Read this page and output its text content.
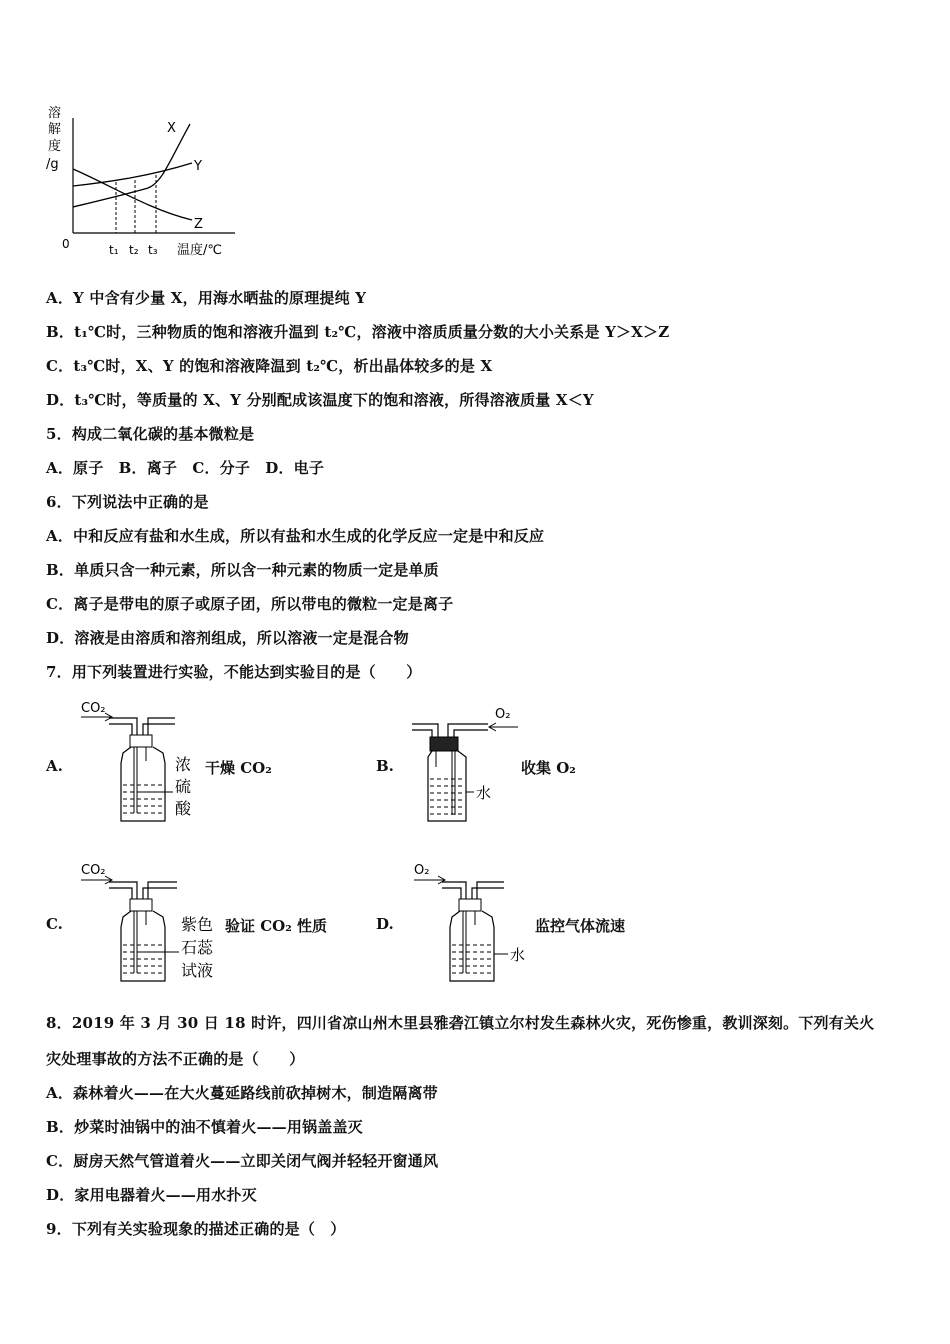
溶
解
度
/g
0
X
Y
Z
t₁ t₂ t₃ 温度/℃
A．Y 中含有少量 X，用海水晒盐的原理提纯 Y
B．t₁℃时，三种物质的饱和溶液升温到 t₂℃，溶液中溶质质量分数的大小关系是 Y＞X＞Z
C．t₃℃时，X、Y 的饱和溶液降温到 t₂℃，析出晶体较多的是 X
D．t₃℃时，等质量的 X、Y 分别配成该温度下的饱和溶液，所得溶液质量 X＜Y
5．构成二氧化碳的基本微粒是
A．原子　B．离子　C．分子　D．电子
6．下列说法中正确的是
A．中和反应有盐和水生成，所以有盐和水生成的化学反应一定是中和反应
B．单质只含一种元素，所以含一种元素的物质一定是单质
C．离子是带电的原子或原子团，所以带电的微粒一定是离子
D．溶液是由溶质和溶剂组成，所以溶液一定是混合物
7．用下列装置进行实验，不能达到实验目的是（　　）
A.
CO₂
浓
硫
酸
干燥 CO₂	B.
O₂
水
收集 O₂
C.
CO₂
紫色
石蕊
试液
验证 CO₂ 性质	D.
O₂
水
监控气体流速
8．2019 年 3 月 30 日 18 时许，四川省凉山州木里县雅砻江镇立尔村发生森林火灾，死伤惨重，教训深刻。下列有关火
灾处理事故的方法不正确的是（　　）
A．森林着火——在大火蔓延路线前砍掉树木，制造隔离带
B．炒菜时油锅中的油不慎着火——用锅盖盖灭
C．厨房天然气管道着火——立即关闭气阀并轻轻开窗通风
D．家用电器着火——用水扑灭
9．下列有关实验现象的描述正确的是（　）
